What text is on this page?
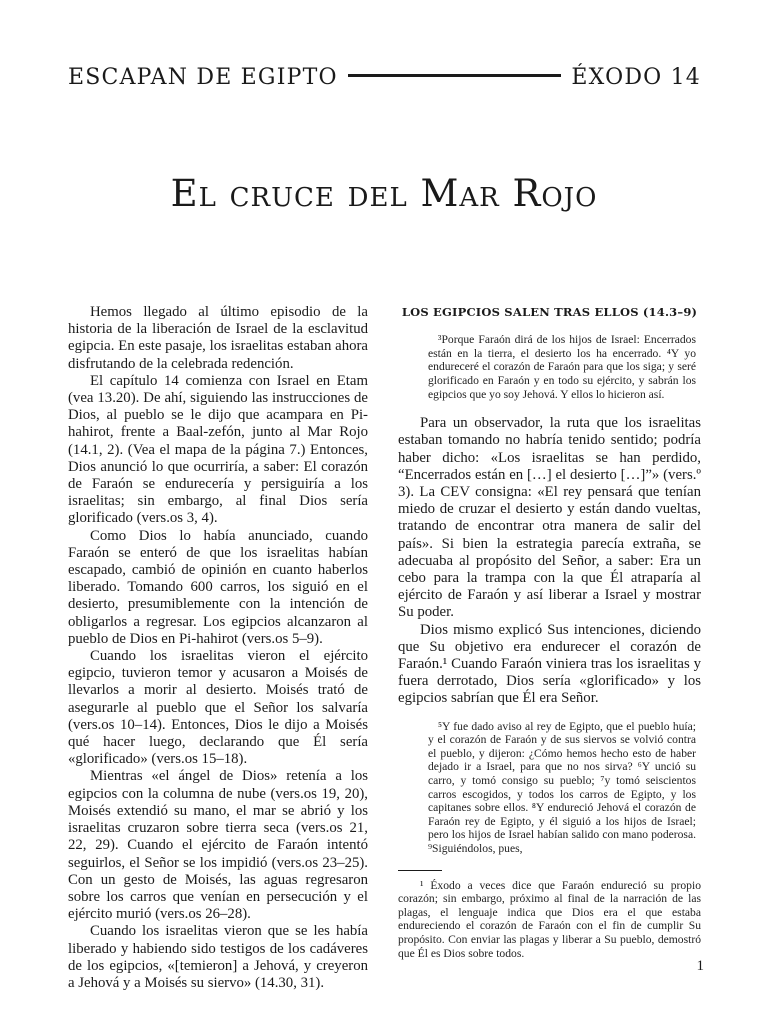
ESCAPAN DE EGIPTO	ÉXODO 14
El cruce del Mar Rojo

Hemos llegado al último episodio de la historia de la liberación de Israel de la esclavitud egipcia. En este pasaje, los israelitas estaban ahora disfrutando de la celebrada redención.

El capítulo 14 comienza con Israel en Etam (vea 13.20). De ahí, siguiendo las instrucciones de Dios, al pueblo se le dijo que acampara en Pi-hahirot, frente a Baal-zefón, junto al Mar Rojo (14.1, 2). (Vea el mapa de la página 7.) Entonces, Dios anunció lo que ocurriría, a saber: El corazón de Faraón se endurecería y persiguiría a los israelitas; sin embargo, al final Dios sería glorificado (vers.os 3, 4).

Como Dios lo había anunciado, cuando Faraón se enteró de que los israelitas habían escapado, cambió de opinión en cuanto haberlos liberado. Tomando 600 carros, los siguió en el desierto, presumiblemente con la intención de obligarlos a regresar. Los egipcios alcanzaron al pueblo de Dios en Pi-hahirot (vers.os 5–9).

Cuando los israelitas vieron el ejército egipcio, tuvieron temor y acusaron a Moisés de llevarlos a morir al desierto. Moisés trató de asegurarle al pueblo que el Señor los salvaría (vers.os 10–14). Entonces, Dios le dijo a Moisés qué hacer luego, declarando que Él sería «glorificado» (vers.os 15–18).

Mientras «el ángel de Dios» retenía a los egipcios con la columna de nube (vers.os 19, 20), Moisés extendió su mano, el mar se abrió y los israelitas cruzaron sobre tierra seca (vers.os 21, 22, 29). Cuando el ejército de Faraón intentó seguirlos, el Señor se los impidió (vers.os 23–25). Con un gesto de Moisés, las aguas regresaron sobre los carros que venían en persecución y el ejército murió (vers.os 26–28).

Cuando los israelitas vieron que se les había liberado y habiendo sido testigos de los cadáveres de los egipcios, «[temieron] a Jehová, y creyeron a Jehová y a Moisés su siervo» (14.30, 31).

LOS EGIPCIOS SALEN TRAS ELLOS (14.3–9)
³Porque Faraón dirá de los hijos de Israel: Encerrados están en la tierra, el desierto los ha encerrado. ⁴Y yo endureceré el corazón de Faraón para que los siga; y seré glorificado en Faraón y en todo su ejército, y sabrán los egipcios que yo soy Jehová. Y ellos lo hicieron así.

Para un observador, la ruta que los israelitas estaban tomando no habría tenido sentido; podría haber dicho: «Los israelitas se han perdido, “Encerrados están en […] el desierto […]”» (vers.º 3). La CEV consigna: «El rey pensará que tenían miedo de cruzar el desierto y están dando vueltas, tratando de encontrar otra manera de salir del país». Si bien la estrategia parecía extraña, se adecuaba al propósito del Señor, a saber: Era un cebo para la trampa con la que Él atraparía al ejército de Faraón y así liberar a Israel y mostrar Su poder.

Dios mismo explicó Sus intenciones, diciendo que Su objetivo era endurecer el corazón de Faraón.¹ Cuando Faraón viniera tras los israelitas y fuera derrotado, Dios sería «glorificado» y los egipcios sabrían que Él era Señor.

⁵Y fue dado aviso al rey de Egipto, que el pueblo huía; y el corazón de Faraón y de sus siervos se volvió contra el pueblo, y dijeron: ¿Cómo hemos hecho esto de haber dejado ir a Israel, para que no nos sirva? ⁶Y unció su carro, y tomó consigo su pueblo; ⁷y tomó seiscientos carros escogidos, y todos los carros de Egipto, y los capitanes sobre ellos. ⁸Y endureció Jehová el corazón de Faraón rey de Egipto, y él siguió a los hijos de Israel; pero los hijos de Israel habían salido con mano poderosa. ⁹Siguiéndolos, pues,
¹ Éxodo a veces dice que Faraón endureció su propio corazón; sin embargo, próximo al final de la narración de las plagas, el lenguaje indica que Dios era el que estaba endureciendo el corazón de Faraón con el fin de cumplir Su propósito. Con enviar las plagas y liberar a Su pueblo, demostró que Él es Dios sobre todos.
1
